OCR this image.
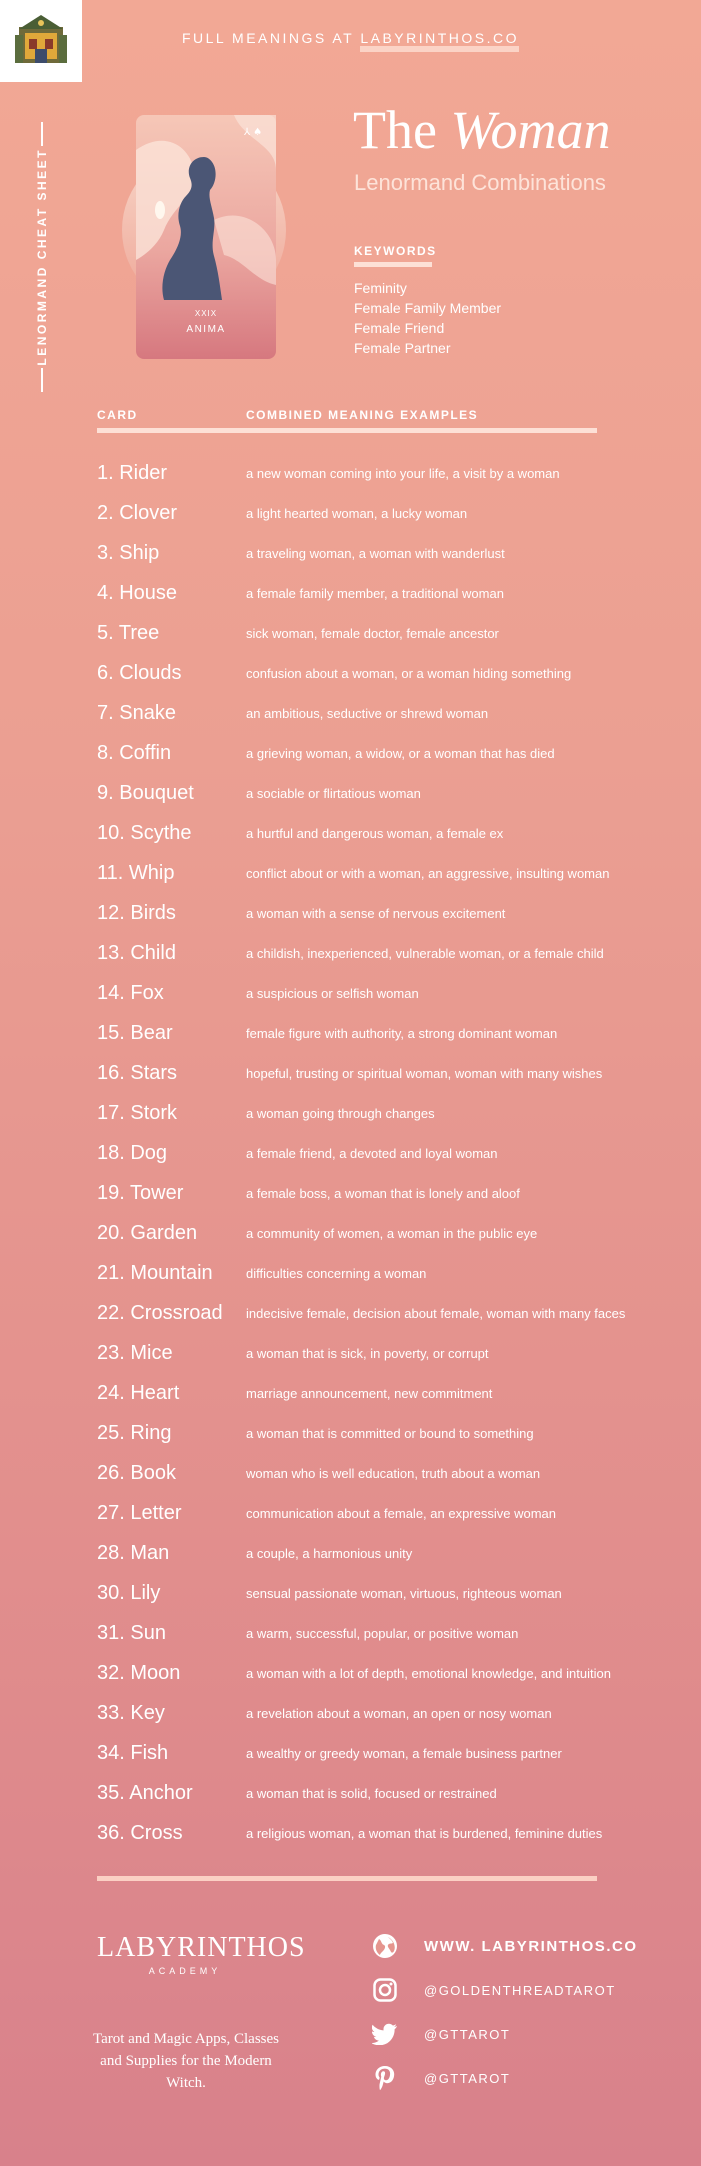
FULL MEANINGS AT LABYRINTHOS.CO
LENORMAND CHEAT SHEET
⅄ ♠
XXIX
ANIMA
The Woman
Lenormand Combinations
KEYWORDS
Feminity
Female Family Member
Female Friend
Female Partner
CARD	COMBINED MEANING EXAMPLES
1. Rider	a new woman coming into your life, a visit by a woman
2. Clover	a light hearted woman, a lucky woman
3. Ship	a traveling woman, a woman with wanderlust
4. House	a female family member, a traditional woman
5. Tree	sick woman, female doctor, female ancestor
6. Clouds	confusion about a woman, or a woman hiding something
7. Snake	an ambitious, seductive or shrewd woman
8. Coffin	a grieving woman, a widow, or a woman that has died
9. Bouquet	a sociable or flirtatious woman
10. Scythe	a hurtful and dangerous woman, a female ex
11. Whip	conflict about or with a woman, an aggressive, insulting woman
12. Birds	a woman with a sense of nervous excitement
13. Child	a childish, inexperienced, vulnerable woman, or a female child
14. Fox	a suspicious or selfish woman
15. Bear	female figure with authority, a strong dominant woman
16. Stars	hopeful, trusting or spiritual woman, woman with many wishes
17. Stork	a woman going through changes
18. Dog	a female friend, a devoted and loyal woman
19. Tower	a female boss, a woman that is lonely and aloof
20. Garden	a community of women, a woman in the public eye
21. Mountain	difficulties concerning a woman
22. Crossroad	indecisive female, decision about female, woman with many faces
23. Mice	a woman that is sick, in poverty, or corrupt
24. Heart	marriage announcement, new commitment
25. Ring	a woman that is committed or bound to something
26. Book	woman who is well education, truth about a woman
27. Letter	communication about a female, an expressive woman
28. Man	a couple, a harmonious unity
30. Lily	sensual passionate woman, virtuous, righteous woman
31. Sun	a warm, successful, popular, or positive woman
32. Moon	a woman with a lot of depth, emotional knowledge, and intuition
33. Key	a revelation about a woman, an open or nosy woman
34. Fish	a wealthy or greedy woman, a female business partner
35. Anchor	a woman that is solid, focused or restrained
36. Cross	a religious woman, a woman that is burdened, feminine duties
LABYRINTHOS
ACADEMY
Tarot and Magic Apps, Classes and Supplies for the Modern Witch.
WWW. LABYRINTHOS.CO
@GOLDENTHREADTAROT
@GTTAROT
@GTTAROT
